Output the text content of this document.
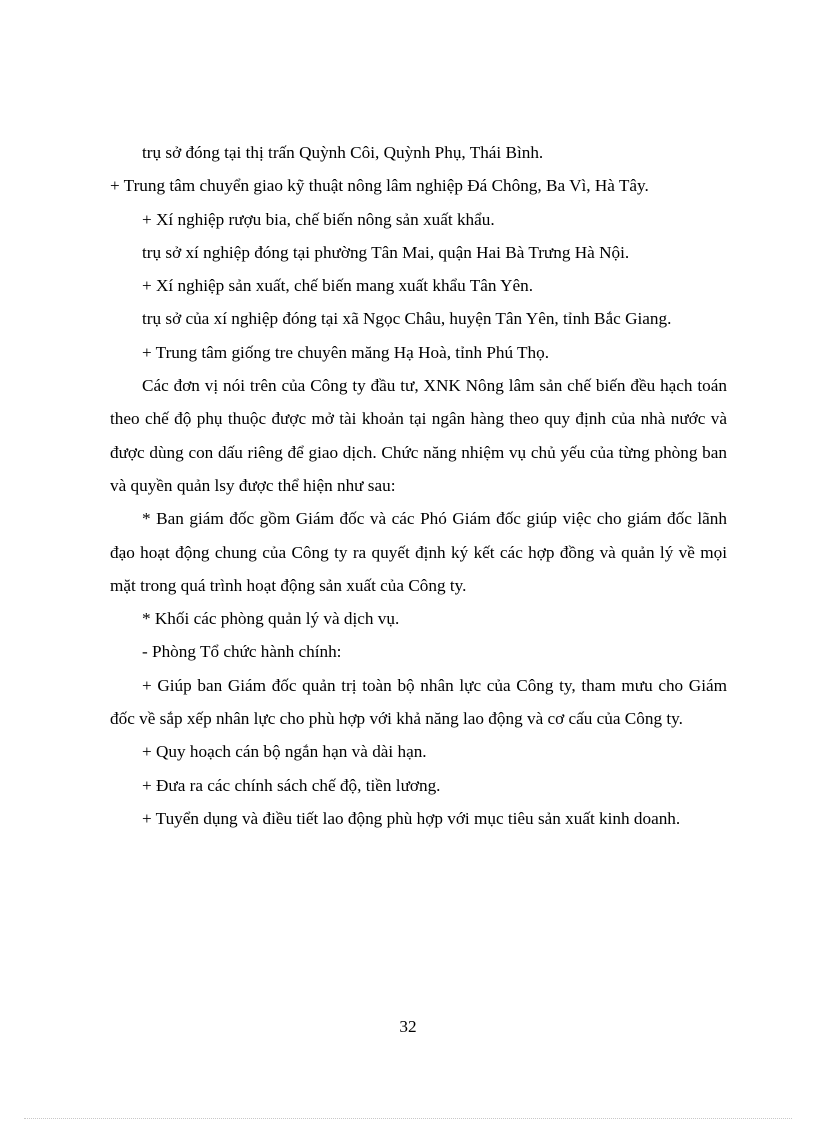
trụ sở đóng tại thị trấn Quỳnh Côi, Quỳnh Phụ, Thái Bình.

+ Trung tâm chuyển giao kỹ thuật nông lâm nghiệp Đá Chông, Ba Vì, Hà Tây.

+ Xí nghiệp rượu bia, chế biến nông sản xuất khẩu.

trụ sở xí nghiệp đóng tại phường Tân Mai, quận Hai Bà Trưng Hà Nội.

+ Xí nghiệp sản xuất, chế biến mang xuất khẩu Tân Yên.

trụ sở của xí nghiệp đóng tại xã Ngọc Châu, huyện Tân Yên, tỉnh Bắc Giang.

+ Trung tâm giống tre chuyên măng Hạ Hoà, tỉnh Phú Thọ.

Các đơn vị nói trên của Công ty đầu tư, XNK Nông lâm sản chế biến đều hạch toán theo chế độ phụ thuộc được mở tài khoản tại ngân hàng theo quy định của nhà nước và được dùng con dấu riêng để giao dịch. Chức năng nhiệm vụ chủ yếu của từng phòng ban và quyền quản lsy được thể hiện như sau:

* Ban giám đốc gồm Giám đốc và các Phó Giám đốc giúp việc cho giám đốc lãnh đạo hoạt động chung của Công ty ra quyết định ký kết các hợp đồng và quản lý về mọi mặt trong quá trình hoạt động sản xuất của Công ty.

* Khối các phòng quản lý và dịch vụ.

- Phòng Tổ chức hành chính:

+ Giúp ban Giám đốc quản trị toàn bộ nhân lực của Công ty, tham mưu cho Giám đốc về sắp xếp nhân lực cho phù hợp với khả năng lao động và cơ cấu của Công ty.

+ Quy hoạch cán bộ ngắn hạn và dài hạn.

+ Đưa ra các chính sách chế độ, tiền lương.

+ Tuyển dụng và điều tiết lao động phù hợp với mục tiêu sản xuất kinh doanh.

32
